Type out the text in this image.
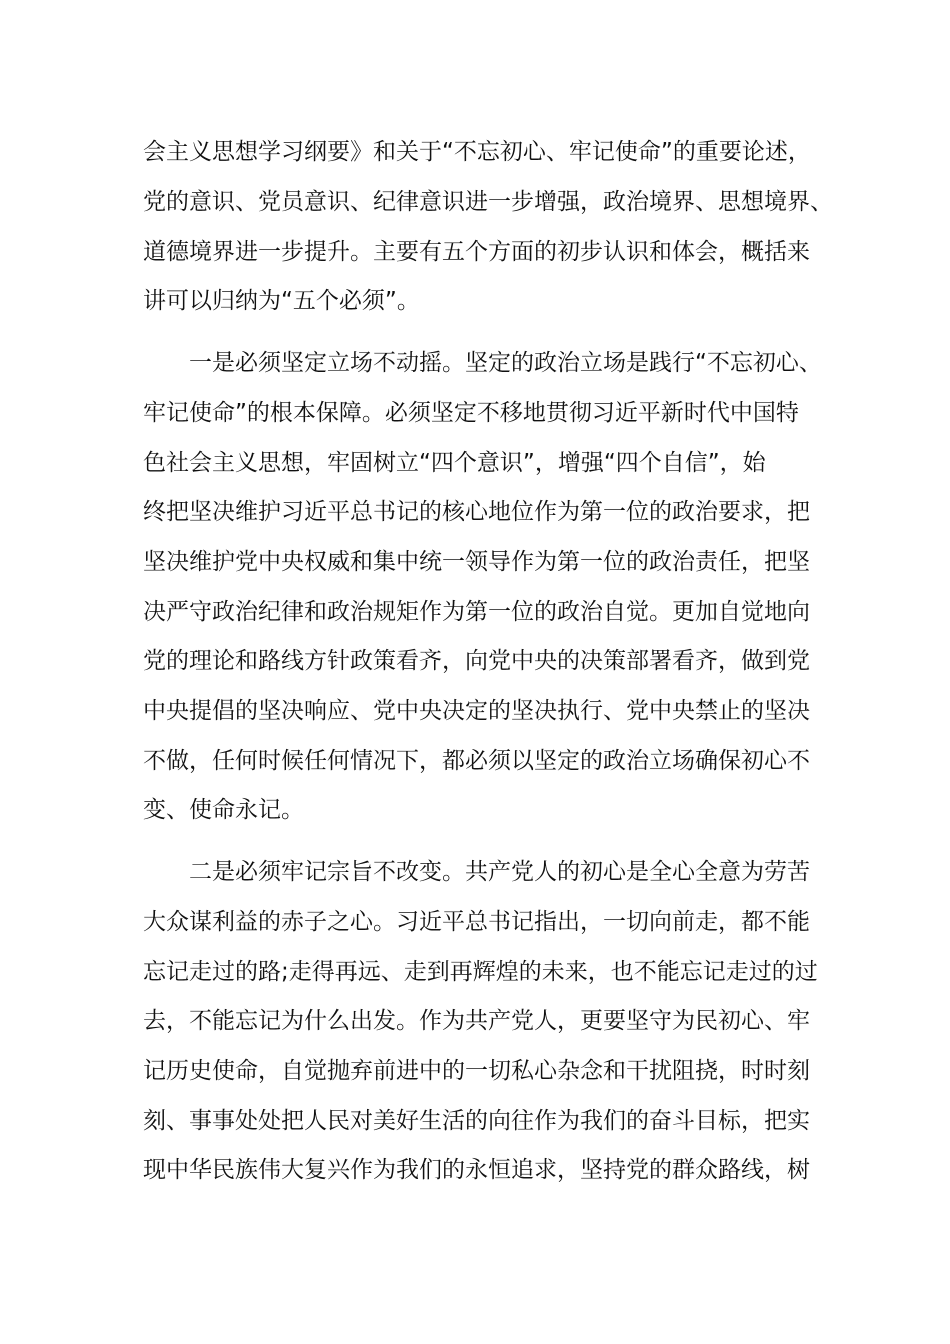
会主义思想学习纲要》和关于“不忘初心、牢记使命”的重要论述，
党的意识、党员意识、纪律意识进一步增强，政治境界、思想境界、
道德境界进一步提升。主要有五个方面的初步认识和体会，概括来
讲可以归纳为“五个必须”。
一是必须坚定立场不动摇。坚定的政治立场是践行“不忘初心、
牢记使命”的根本保障。必须坚定不移地贯彻习近平新时代中国特
色社会主义思想，牢固树立“四个意识”，增强“四个自信”，始
终把坚决维护习近平总书记的核心地位作为第一位的政治要求，把
坚决维护党中央权威和集中统一领导作为第一位的政治责任，把坚
决严守政治纪律和政治规矩作为第一位的政治自觉。更加自觉地向
党的理论和路线方针政策看齐，向党中央的决策部署看齐，做到党
中央提倡的坚决响应、党中央决定的坚决执行、党中央禁止的坚决
不做，任何时候任何情况下，都必须以坚定的政治立场确保初心不
变、使命永记。
二是必须牢记宗旨不改变。共产党人的初心是全心全意为劳苦
大众谋利益的赤子之心。习近平总书记指出，一切向前走，都不能
忘记走过的路;走得再远、走到再辉煌的未来，也不能忘记走过的过
去，不能忘记为什么出发。作为共产党人，更要坚守为民初心、牢
记历史使命，自觉抛弃前进中的一切私心杂念和干扰阻挠，时时刻
刻、事事处处把人民对美好生活的向往作为我们的奋斗目标，把实
现中华民族伟大复兴作为我们的永恒追求，坚持党的群众路线，树
